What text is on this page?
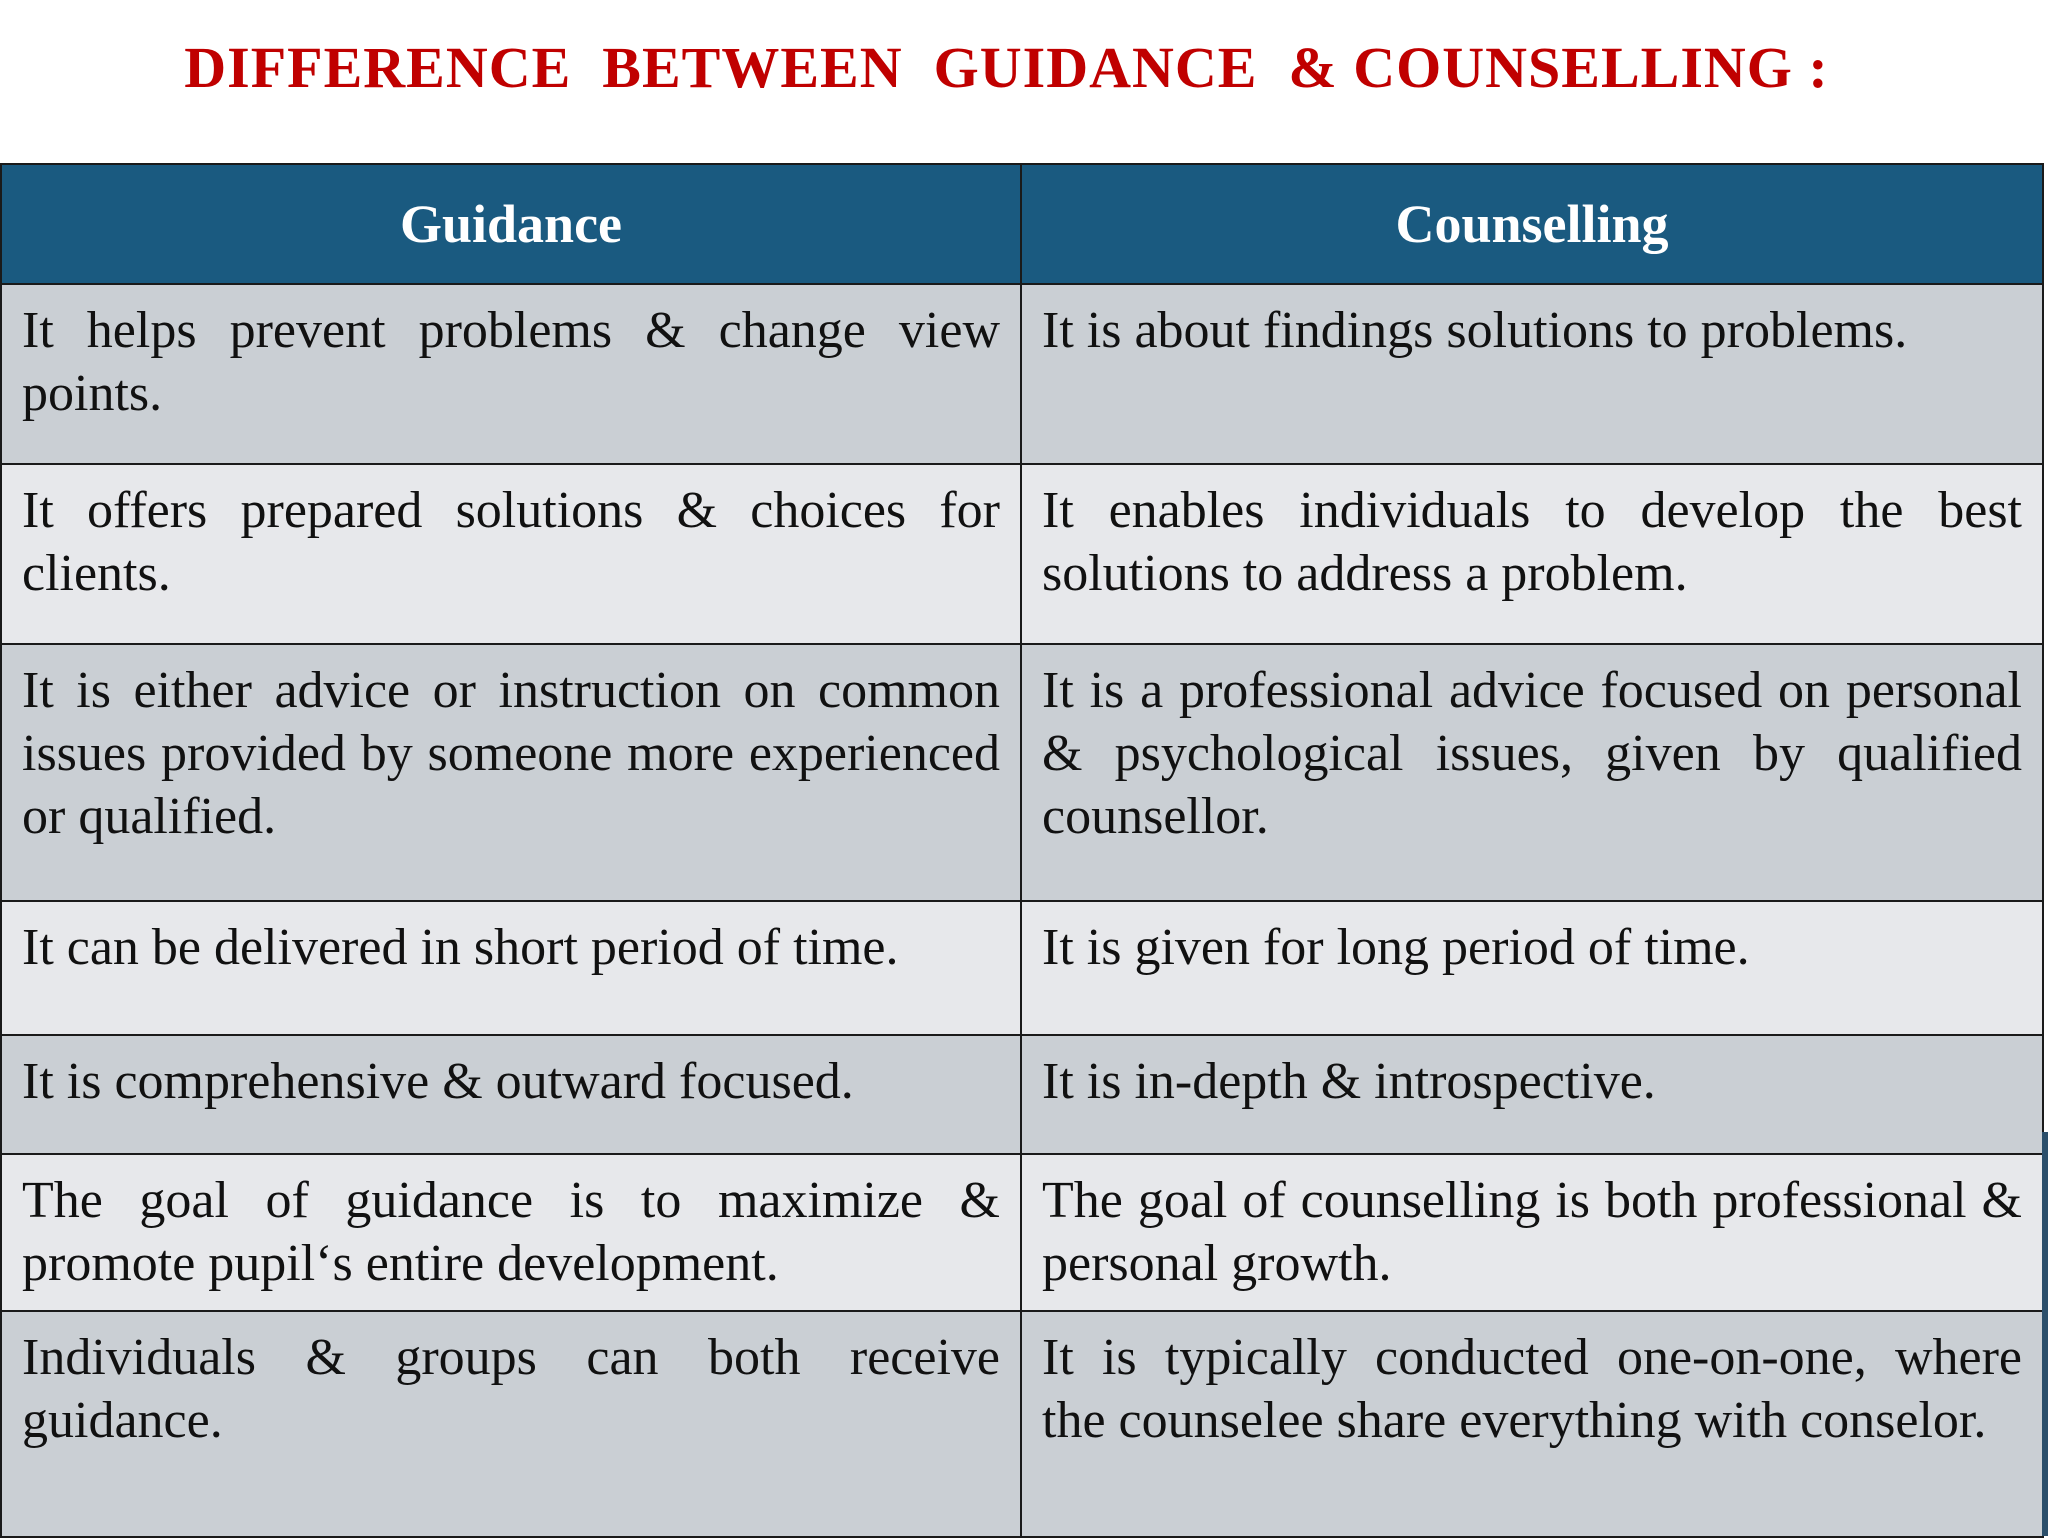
DIFFERENCE  BETWEEN  GUIDANCE  & COUNSELLING :
Guidance	Counselling
It helps prevent problems & change view points.	It is about findings solutions to problems.
It offers prepared solutions & choices for clients.	It enables individuals to develop the best solutions to address a problem.
It is either advice or instruction on common issues provided by someone more experienced or qualified.	It is a professional advice focused on personal & psychological issues, given by qualified counsellor.
It can be delivered in short period of time.	It is given for long period of time.
It is comprehensive & outward focused.	It is in-depth & introspective.
The goal of guidance is to maximize & promote pupil‘s entire development.	The goal of counselling is both professional & personal growth.
Individuals & groups can both receive guidance.	It is typically conducted one-on-one, where the counselee share everything with conselor.
